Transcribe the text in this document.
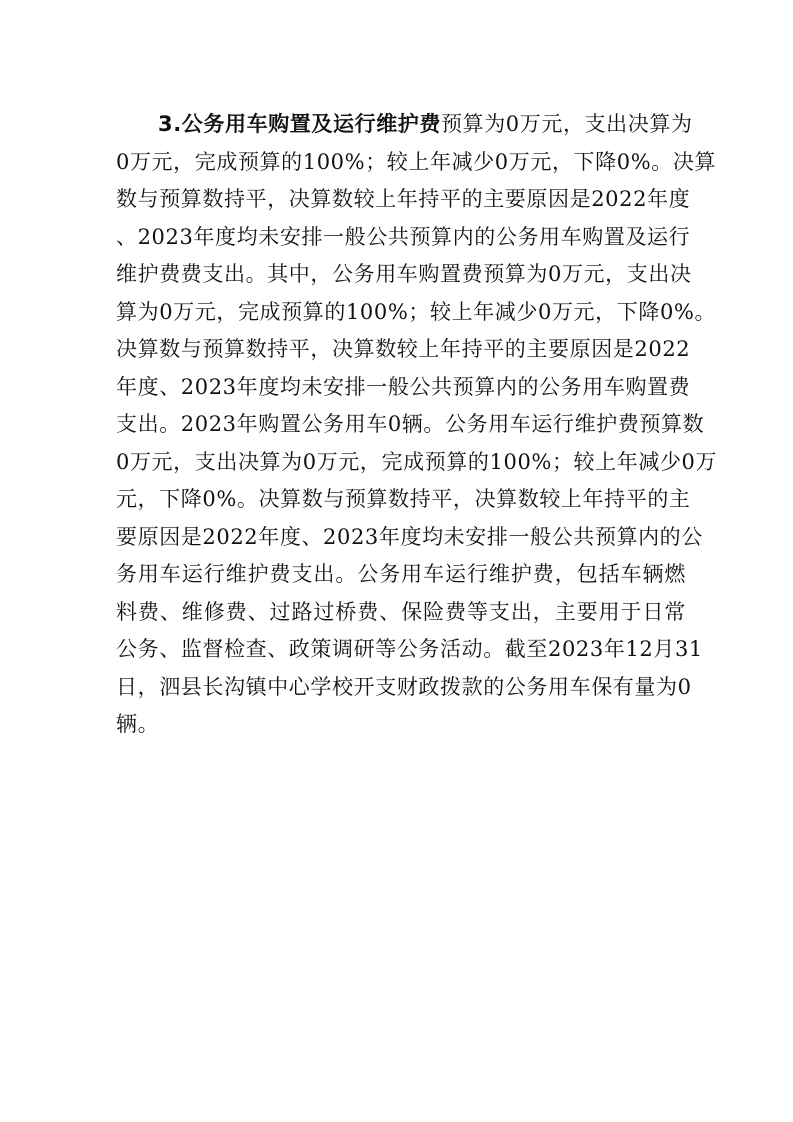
3.公务用车购置及运行维护费预算为0万元，支出决算为
0万元，完成预算的100%；较上年减少0万元，下降0%。决算
数与预算数持平，决算数较上年持平的主要原因是2022年度
、2023年度均未安排一般公共预算内的公务用车购置及运行
维护费费支出。其中，公务用车购置费预算为0万元，支出决
算为0万元，完成预算的100%；较上年减少0万元，下降0%。
决算数与预算数持平，决算数较上年持平的主要原因是2022
年度、2023年度均未安排一般公共预算内的公务用车购置费
支出。2023年购置公务用车0辆。公务用车运行维护费预算数
0万元，支出决算为0万元，完成预算的100%；较上年减少0万
元，下降0%。决算数与预算数持平，决算数较上年持平的主
要原因是2022年度、2023年度均未安排一般公共预算内的公
务用车运行维护费支出。公务用车运行维护费，包括车辆燃
料费、维修费、过路过桥费、保险费等支出，主要用于日常
公务、监督检查、政策调研等公务活动。截至2023年12月31
日，泗县长沟镇中心学校开支财政拨款的公务用车保有量为0
辆。
